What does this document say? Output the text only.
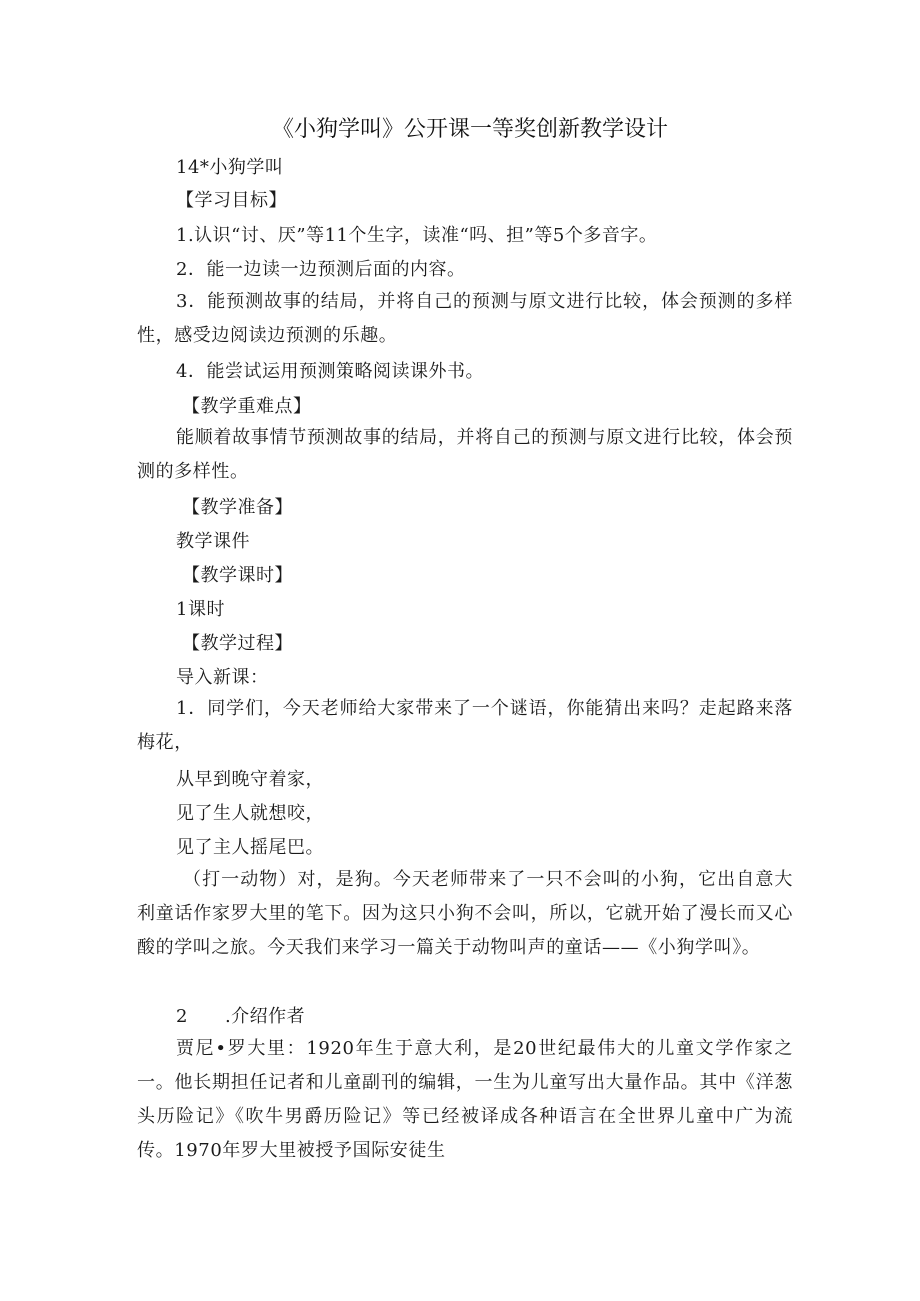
《小狗学叫》公开课一等奖创新教学设计
14*小狗学叫
【学习目标】
1.认识“讨、厌”等11个生字，读准“吗、担”等5个多音字。
2．能一边读一边预测后面的内容。
3．能预测故事的结局，并将自己的预测与原文进行比较，体会预测的多样性，感受边阅读边预测的乐趣。
4．能尝试运用预测策略阅读课外书。
【教学重难点】
能顺着故事情节预测故事的结局，并将自己的预测与原文进行比较，体会预测的多样性。
【教学准备】
教学课件
【教学课时】
1课时
【教学过程】
导入新课：
1．同学们，今天老师给大家带来了一个谜语，你能猜出来吗？走起路来落梅花，
从早到晚守着家，
见了生人就想咬，
见了主人摇尾巴。
（打一动物）对，是狗。今天老师带来了一只不会叫的小狗，它出自意大利童话作家罗大里的笔下。因为这只小狗不会叫，所以，它就开始了漫长而又心酸的学叫之旅。今天我们来学习一篇关于动物叫声的童话——《小狗学叫》。
2　　.介绍作者
贾尼•罗大里：1920年生于意大利，是20世纪最伟大的儿童文学作家之一。他长期担任记者和儿童副刊的编辑，一生为儿童写出大量作品。其中《洋葱头历险记》《吹牛男爵历险记》等已经被译成各种语言在全世界儿童中广为流传。1970年罗大里被授予国际安徒生
